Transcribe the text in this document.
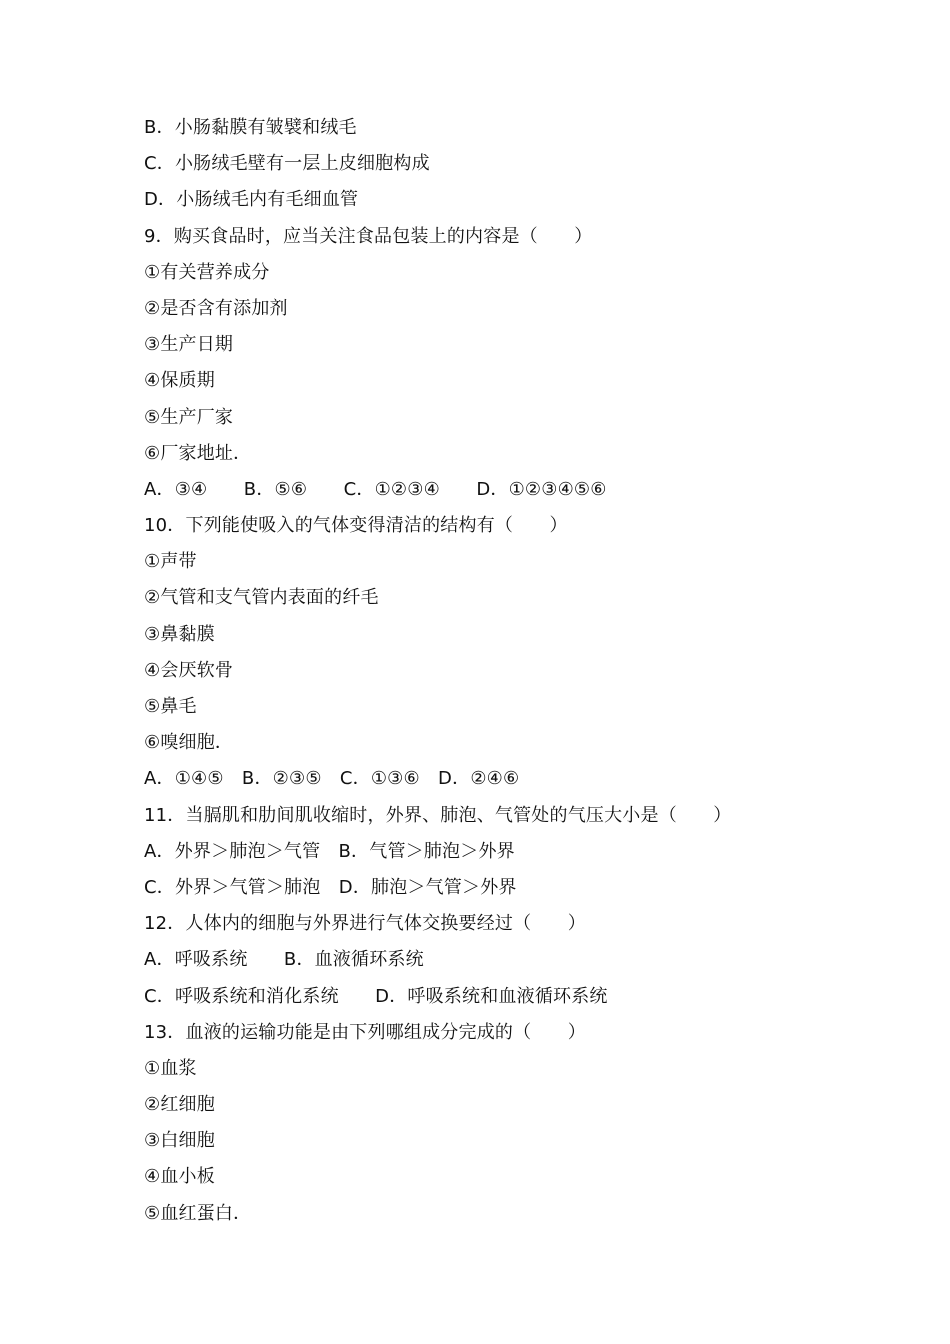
B．小肠黏膜有皱襞和绒毛
C．小肠绒毛壁有一层上皮细胞构成
D．小肠绒毛内有毛细血管
9．购买食品时，应当关注食品包装上的内容是（　　）
①有关营养成分
②是否含有添加剂
③生产日期
④保质期
⑤生产厂家
⑥厂家地址．
A．③④　　B．⑤⑥　　C．①②③④　　D．①②③④⑤⑥
10．下列能使吸入的气体变得清洁的结构有（　　）
①声带
②气管和支气管内表面的纤毛
③鼻黏膜
④会厌软骨
⑤鼻毛
⑥嗅细胞．
A．①④⑤　B．②③⑤　C．①③⑥　D．②④⑥
11．当膈肌和肋间肌收缩时，外界、肺泡、气管处的气压大小是（　　）
A．外界＞肺泡＞气管　B．气管＞肺泡＞外界
C．外界＞气管＞肺泡　D．肺泡＞气管＞外界
12．人体内的细胞与外界进行气体交换要经过（　　）
A．呼吸系统　　B．血液循环系统
C．呼吸系统和消化系统　　D．呼吸系统和血液循环系统
13．血液的运输功能是由下列哪组成分完成的（　　）
①血浆
②红细胞
③白细胞
④血小板
⑤血红蛋白．
